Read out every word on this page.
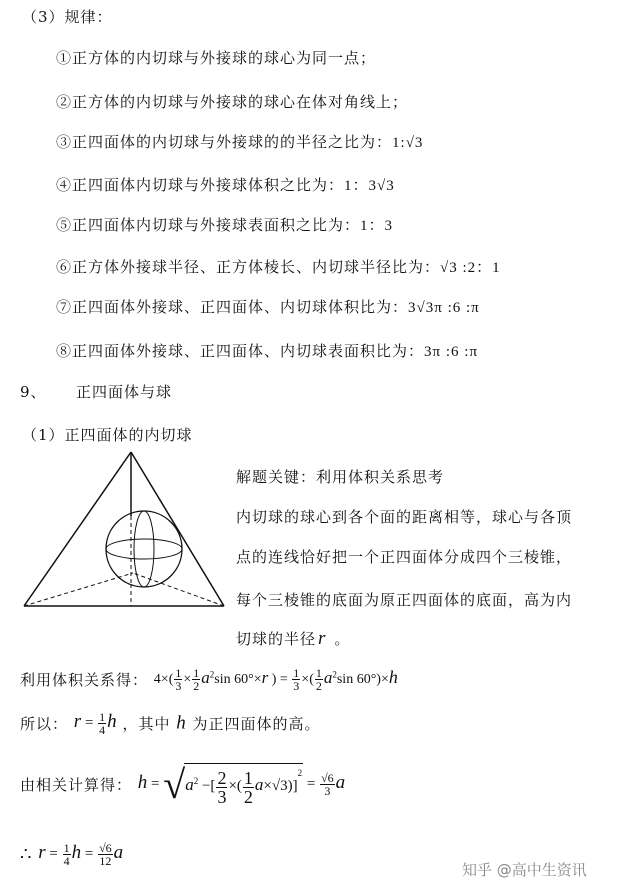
（3）规律：
①正方体的内切球与外接球的球心为同一点；
②正方体的内切球与外接球的球心在体对角线上；
③正四面体的内切球与外接球的的半径之比为：1:√3
④正四面体内切球与外接球体积之比为：1：3√3
⑤正四面体内切球与外接球表面积之比为：1：3
⑥正方体外接球半径、正方体棱长、内切球半径比为：√3 :2：1
⑦正四面体外接球、正四面体、内切球体积比为：3√3π :6 :π
⑧正四面体外接球、正四面体、内切球表面积比为：3π :6 :π
9、 正四面体与球
（1）正四面体的内切球
解题关键：利用体积关系思考
内切球的球心到各个面的距离相等，球心与各顶
点的连线恰好把一个正四面体分成四个三棱锥，
每个三棱锥的底面为原正四面体的底面，高为内
切球的半径 r 。
利用体积关系得： $4\times( \frac{1}{3} \times \frac{1}{2} a^2\sin$ 60°×r ) = $\frac{1}{3}$ ×( $\frac{1}{2} a^2\sin$ 60°)×h
所以： $r = \frac{1}{4}$ h ，其中 h 为正四面体的高。
由相关计算得： $h = √a^2$ −[ $\frac{2}{3}$ ×( $\frac{1}{2} a\times√3)]^2 = \frac{√6}{3}$ a
∴ $r = \frac{1}{4}$ $h = \frac{√6}{12}$ a
知乎 @高中生资讯
